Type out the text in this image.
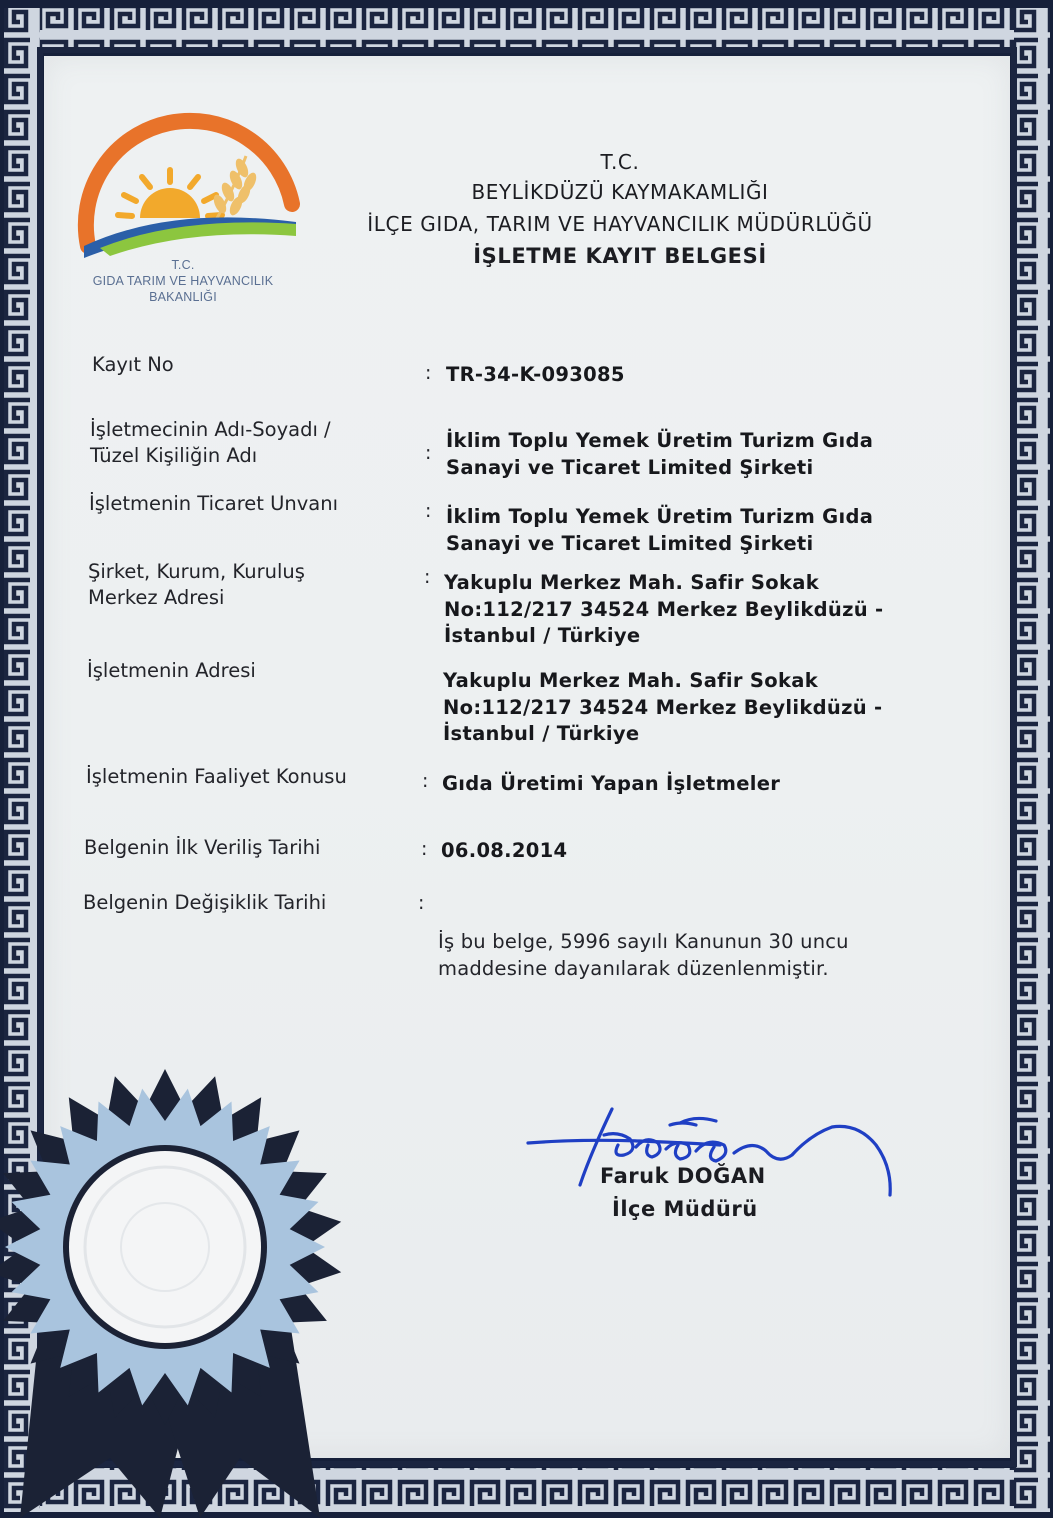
T.C.
GIDA TARIM VE HAYVANCILIK
BAKANLIĞI
T.C.
BEYLİKDÜZÜ KAYMAKAMLIĞI
İLÇE GIDA, TARIM VE HAYVANCILIK MÜDÜRLÜĞÜ
İŞLETME KAYIT BELGESİ
Kayıt No	: TR-34-K-093085
İşletmecinin Adı-Soyadı /
Tüzel Kişiliğin Adı	:
İklim Toplu Yemek Üretim Turizm Gıda
Sanayi ve Ticaret Limited Şirketi
İşletmenin Ticaret Unvanı	: İklim Toplu Yemek Üretim Turizm Gıda
Sanayi ve Ticaret Limited Şirketi
Şirket, Kurum, Kuruluş
Merkez Adresi
: Yakuplu Merkez Mah. Safir Sokak
No:112/217 34524 Merkez Beylikdüzü -
İstanbul / Türkiye
İşletmenin Adresi	Yakuplu Merkez Mah. Safir Sokak
No:112/217 34524 Merkez Beylikdüzü -
İstanbul / Türkiye
İşletmenin Faaliyet Konusu	: Gıda Üretimi Yapan İşletmeler
Belgenin İlk Veriliş Tarihi	: 06.08.2014
Belgenin Değişiklik Tarihi	:
İş bu belge, 5996 sayılı Kanunun 30 uncu maddesine dayanılarak düzenlenmiştir.
Faruk DOĞAN
İlçe Müdürü
